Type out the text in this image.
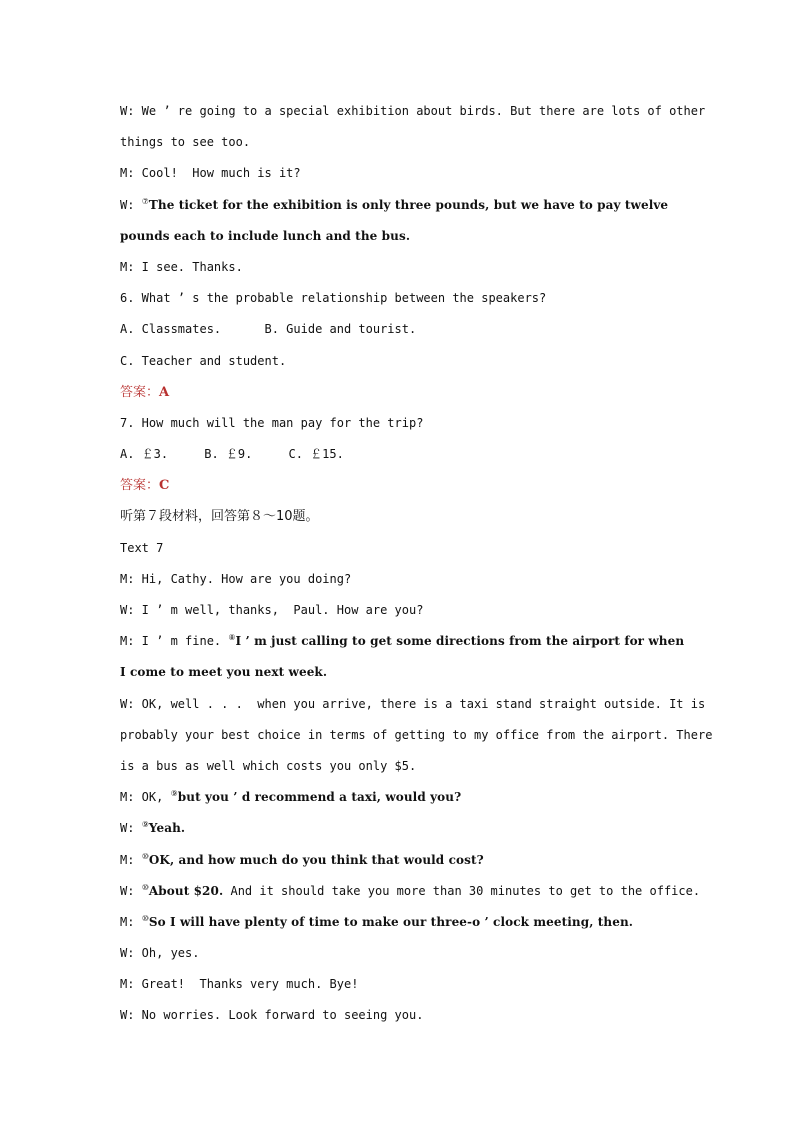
W: We ’ re going to a special exhibition about birds. But there are lots of other
things to see too.
M: Cool!  How much is it?
W: ⑦The ticket for the exhibition is only three pounds, but we have to pay twelve
pounds each to include lunch and the bus.
M: I see. Thanks.
6. What ’ s the probable relationship between the speakers?
A. Classmates.      B. Guide and tourist.
C. Teacher and student.
答案：A
7. How much will the man pay for the trip?
A. ￡3.     B. ￡9.     C. ￡15.
答案：C
听第７段材料，回答第８～10题。
Text 7
M: Hi, Cathy. How are you doing?
W: I ’ m well, thanks,  Paul. How are you?
M: I ’ m fine. ⑧I ’ m just calling to get some directions from the airport for when
I come to meet you next week.
W: OK, well . . .  when you arrive, there is a taxi stand straight outside. It is
probably your best choice in terms of getting to my office from the airport. There
is a bus as well which costs you only $5.
M: OK, ⑨but you ’ d recommend a taxi, would you?
W: ⑨Yeah.
M: ⑩OK, and how much do you think that would cost?
W: ⑩About $20. And it should take you more than 30 minutes to get to the office.
M: ⑩So I will have plenty of time to make our three-o ’ clock meeting, then.
W: Oh, yes.
M: Great!  Thanks very much. Bye!
W: No worries. Look forward to seeing you.
